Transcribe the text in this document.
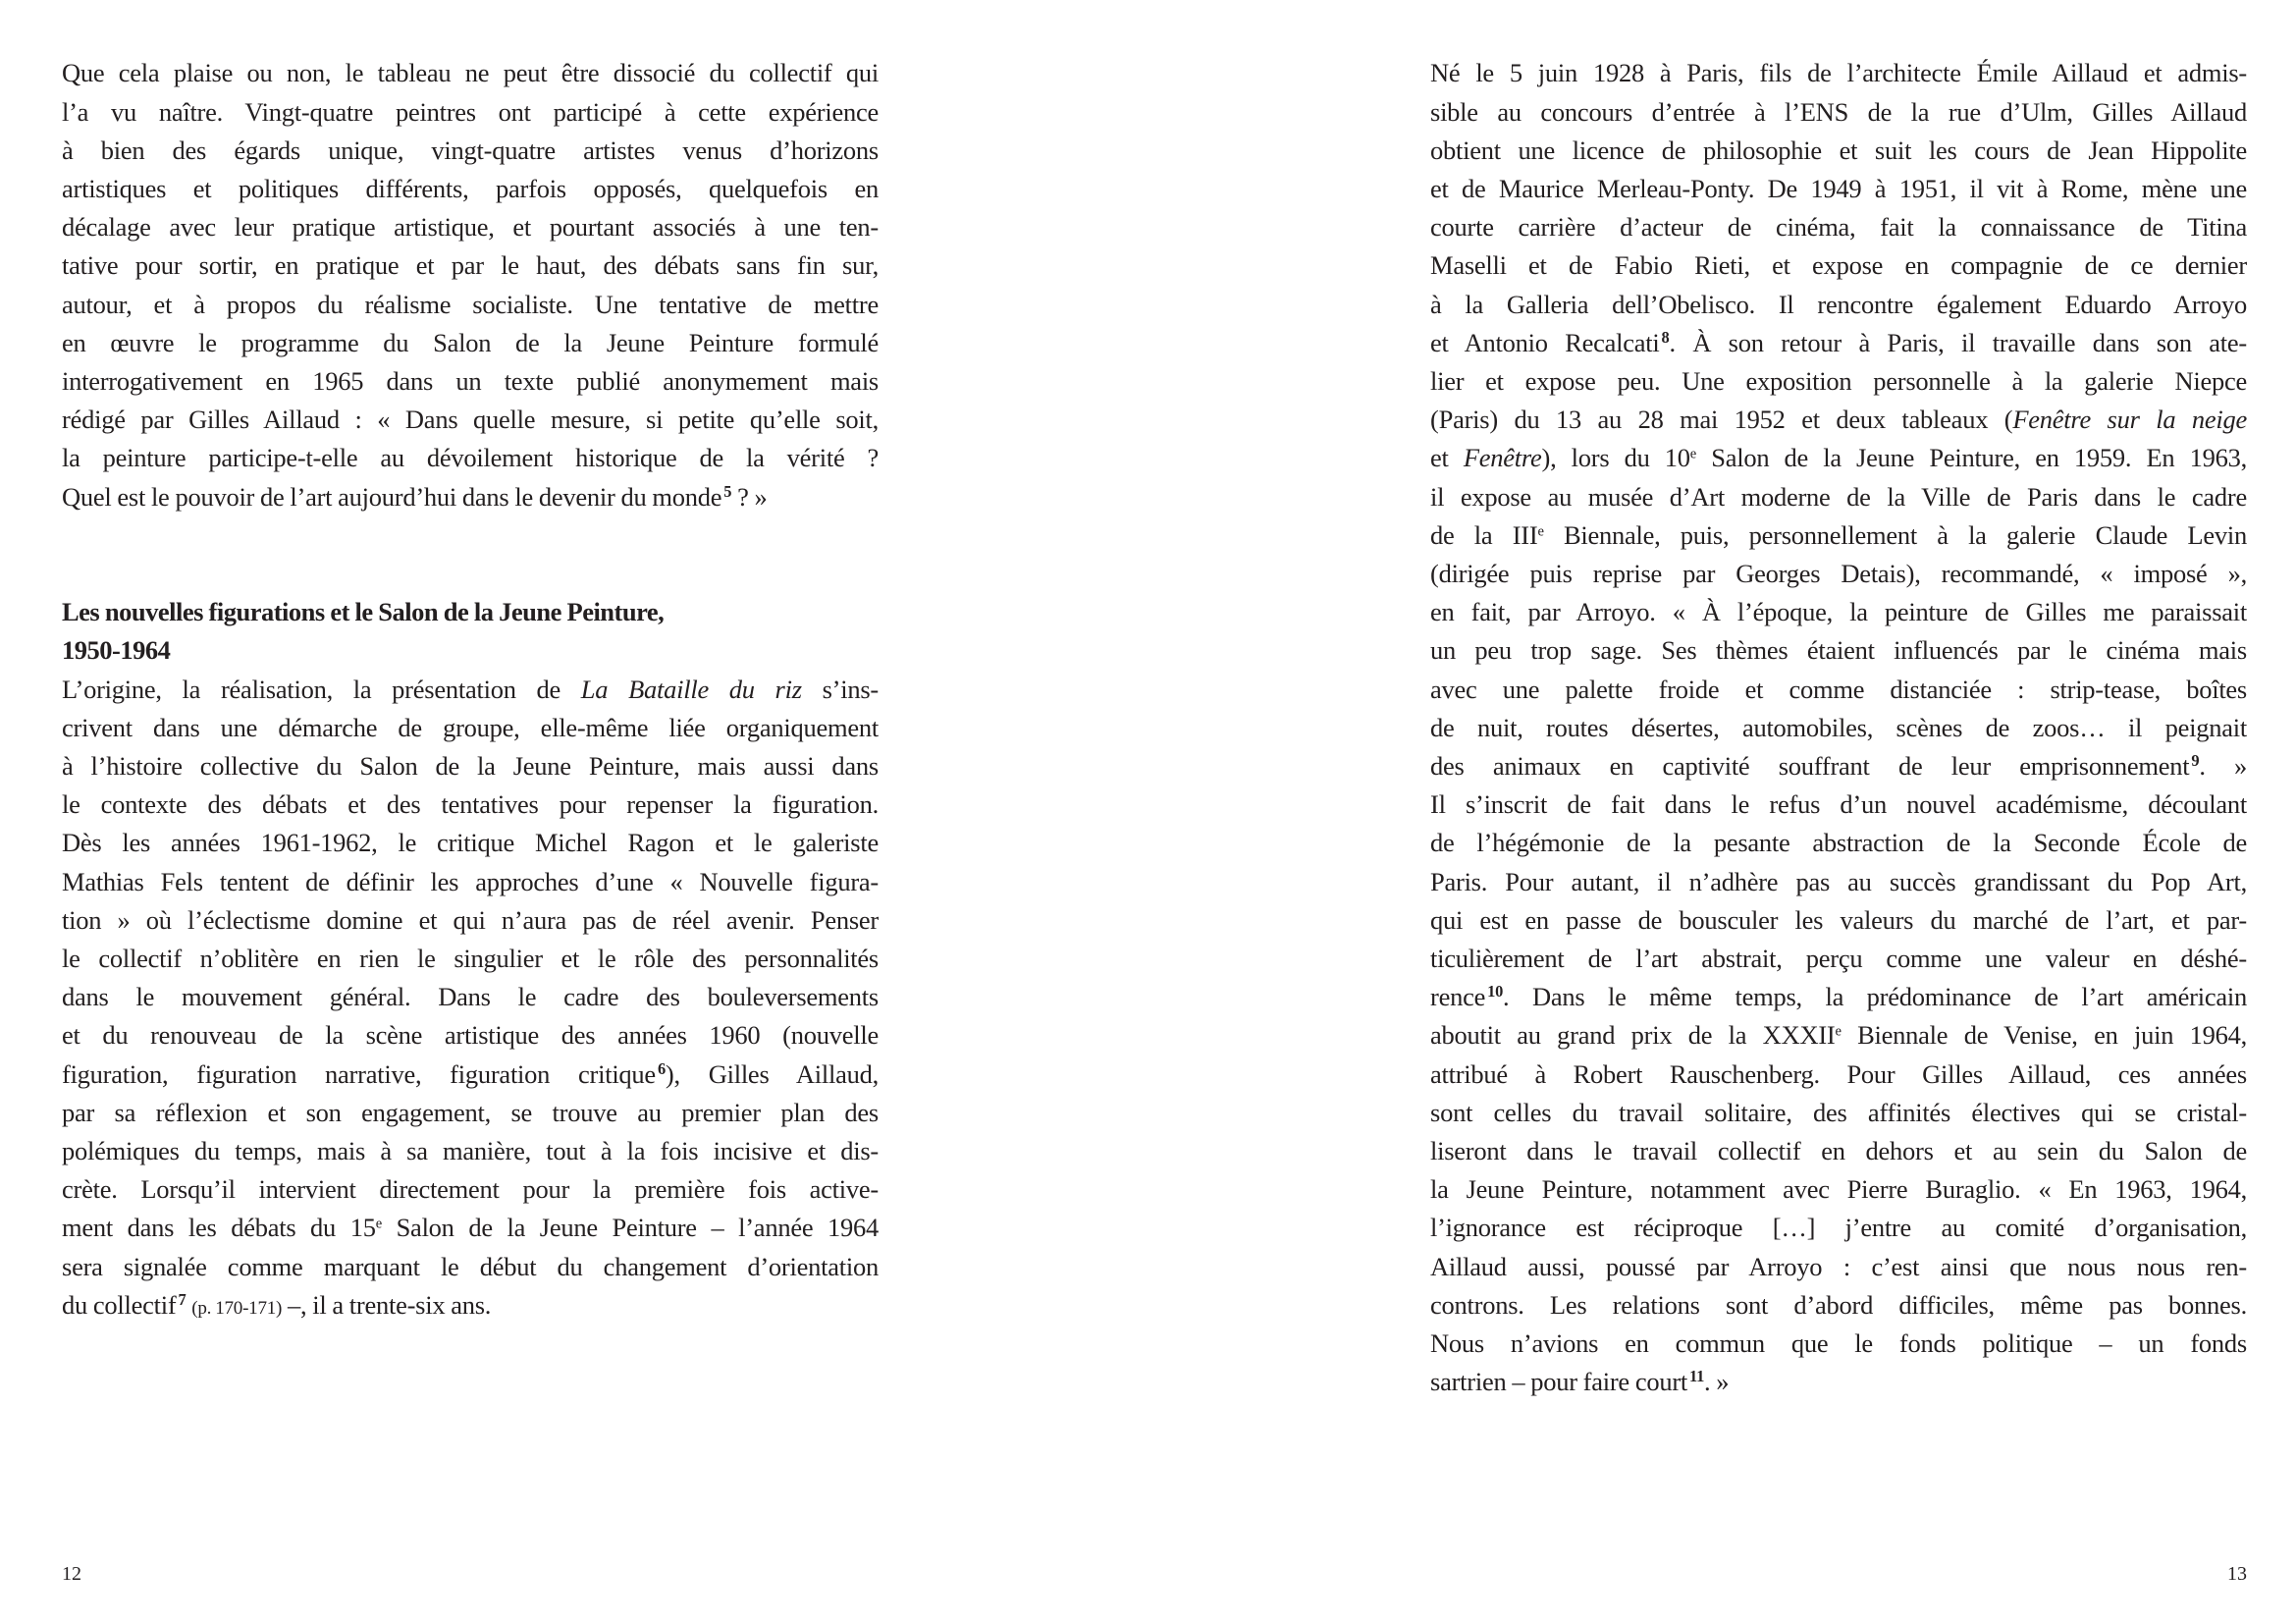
Que cela plaise ou non, le tableau ne peut être dissocié du collectif qui
l’a vu naître. Vingt-quatre peintres ont participé à cette expérience
à bien des égards unique, vingt-quatre artistes venus d’horizons
artistiques et politiques différents, parfois opposés, quelquefois en
décalage avec leur pratique artistique, et pourtant associés à une ten-
tative pour sortir, en pratique et par le haut, des débats sans fin sur,
autour, et à propos du réalisme socialiste. Une tentative de mettre
en œuvre le programme du Salon de la Jeune Peinture formulé
interrogativement en 1965 dans un texte publié anonymement mais
rédigé par Gilles Aillaud : « Dans quelle mesure, si petite qu’elle soit,
la peinture participe-t-elle au dévoilement historique de la vérité ?
Quel est le pouvoir de l’art aujourd’hui dans le devenir du monde $^5$ ? »
Les nouvelles figurations et le Salon de la Jeune Peinture,
1950-1964
L’origine, la réalisation, la présentation de La Bataille du riz s’ins-
crivent dans une démarche de groupe, elle-même liée organiquement
à l’histoire collective du Salon de la Jeune Peinture, mais aussi dans
le contexte des débats et des tentatives pour repenser la figuration.
Dès les années 1961-1962, le critique Michel Ragon et le galeriste
Mathias Fels tentent de définir les approches d’une « Nouvelle figura-
tion » où l’éclectisme domine et qui n’aura pas de réel avenir. Penser
le collectif n’oblitère en rien le singulier et le rôle des personnalités
dans le mouvement général. Dans le cadre des bouleversements
et du renouveau de la scène artistique des années 1960 (nouvelle
figuration, figuration narrative, figuration critique $^6$), Gilles Aillaud,
par sa réflexion et son engagement, se trouve au premier plan des
polémiques du temps, mais à sa manière, tout à la fois incisive et dis-
crète. Lorsqu’il intervient directement pour la première fois active-
ment dans les débats du 15e Salon de la Jeune Peinture – l’année 1964
sera signalée comme marquant le début du changement d’orientation
du collectif $^7$ (p. 170-171) –, il a trente-six ans.
Né le 5 juin 1928 à Paris, fils de l’architecte Émile Aillaud et admis-
sible au concours d’entrée à l’ENS de la rue d’Ulm, Gilles Aillaud
obtient une licence de philosophie et suit les cours de Jean Hippolite
et de Maurice Merleau-Ponty. De 1949 à 1951, il vit à Rome, mène une
courte carrière d’acteur de cinéma, fait la connaissance de Titina
Maselli et de Fabio Rieti, et expose en compagnie de ce dernier
à la Galleria dell’Obelisco. Il rencontre également Eduardo Arroyo
et Antonio Recalcati $^8$. À son retour à Paris, il travaille dans son ate-
lier et expose peu. Une exposition personnelle à la galerie Niepce
(Paris) du 13 au 28 mai 1952 et deux tableaux (Fenêtre sur la neige
et Fenêtre), lors du 10e Salon de la Jeune Peinture, en 1959. En 1963,
il expose au musée d’Art moderne de la Ville de Paris dans le cadre
de la IIIe Biennale, puis, personnellement à la galerie Claude Levin
(dirigée puis reprise par Georges Detais), recommandé, « imposé »,
en fait, par Arroyo. « À l’époque, la peinture de Gilles me paraissait
un peu trop sage. Ses thèmes étaient influencés par le cinéma mais
avec une palette froide et comme distanciée : strip-tease, boîtes
de nuit, routes désertes, automobiles, scènes de zoos… il peignait
des animaux en captivité souffrant de leur emprisonnement $^9$. »
Il s’inscrit de fait dans le refus d’un nouvel académisme, découlant
de l’hégémonie de la pesante abstraction de la Seconde École de
Paris. Pour autant, il n’adhère pas au succès grandissant du Pop Art,
qui est en passe de bousculer les valeurs du marché de l’art, et par-
ticulièrement de l’art abstrait, perçu comme une valeur en déshé-
rence $^{10}$. Dans le même temps, la prédominance de l’art américain
aboutit au grand prix de la XXXIIe Biennale de Venise, en juin 1964,
attribué à Robert Rauschenberg. Pour Gilles Aillaud, ces années
sont celles du travail solitaire, des affinités électives qui se cristal-
liseront dans le travail collectif en dehors et au sein du Salon de
la Jeune Peinture, notamment avec Pierre Buraglio. « En 1963, 1964,
l’ignorance est réciproque […] j’entre au comité d’organisation,
Aillaud aussi, poussé par Arroyo : c’est ainsi que nous nous ren-
controns. Les relations sont d’abord difficiles, même pas bonnes.
Nous n’avions en commun que le fonds politique – un fonds
sartrien – pour faire court $^{11}$. »
12	13
